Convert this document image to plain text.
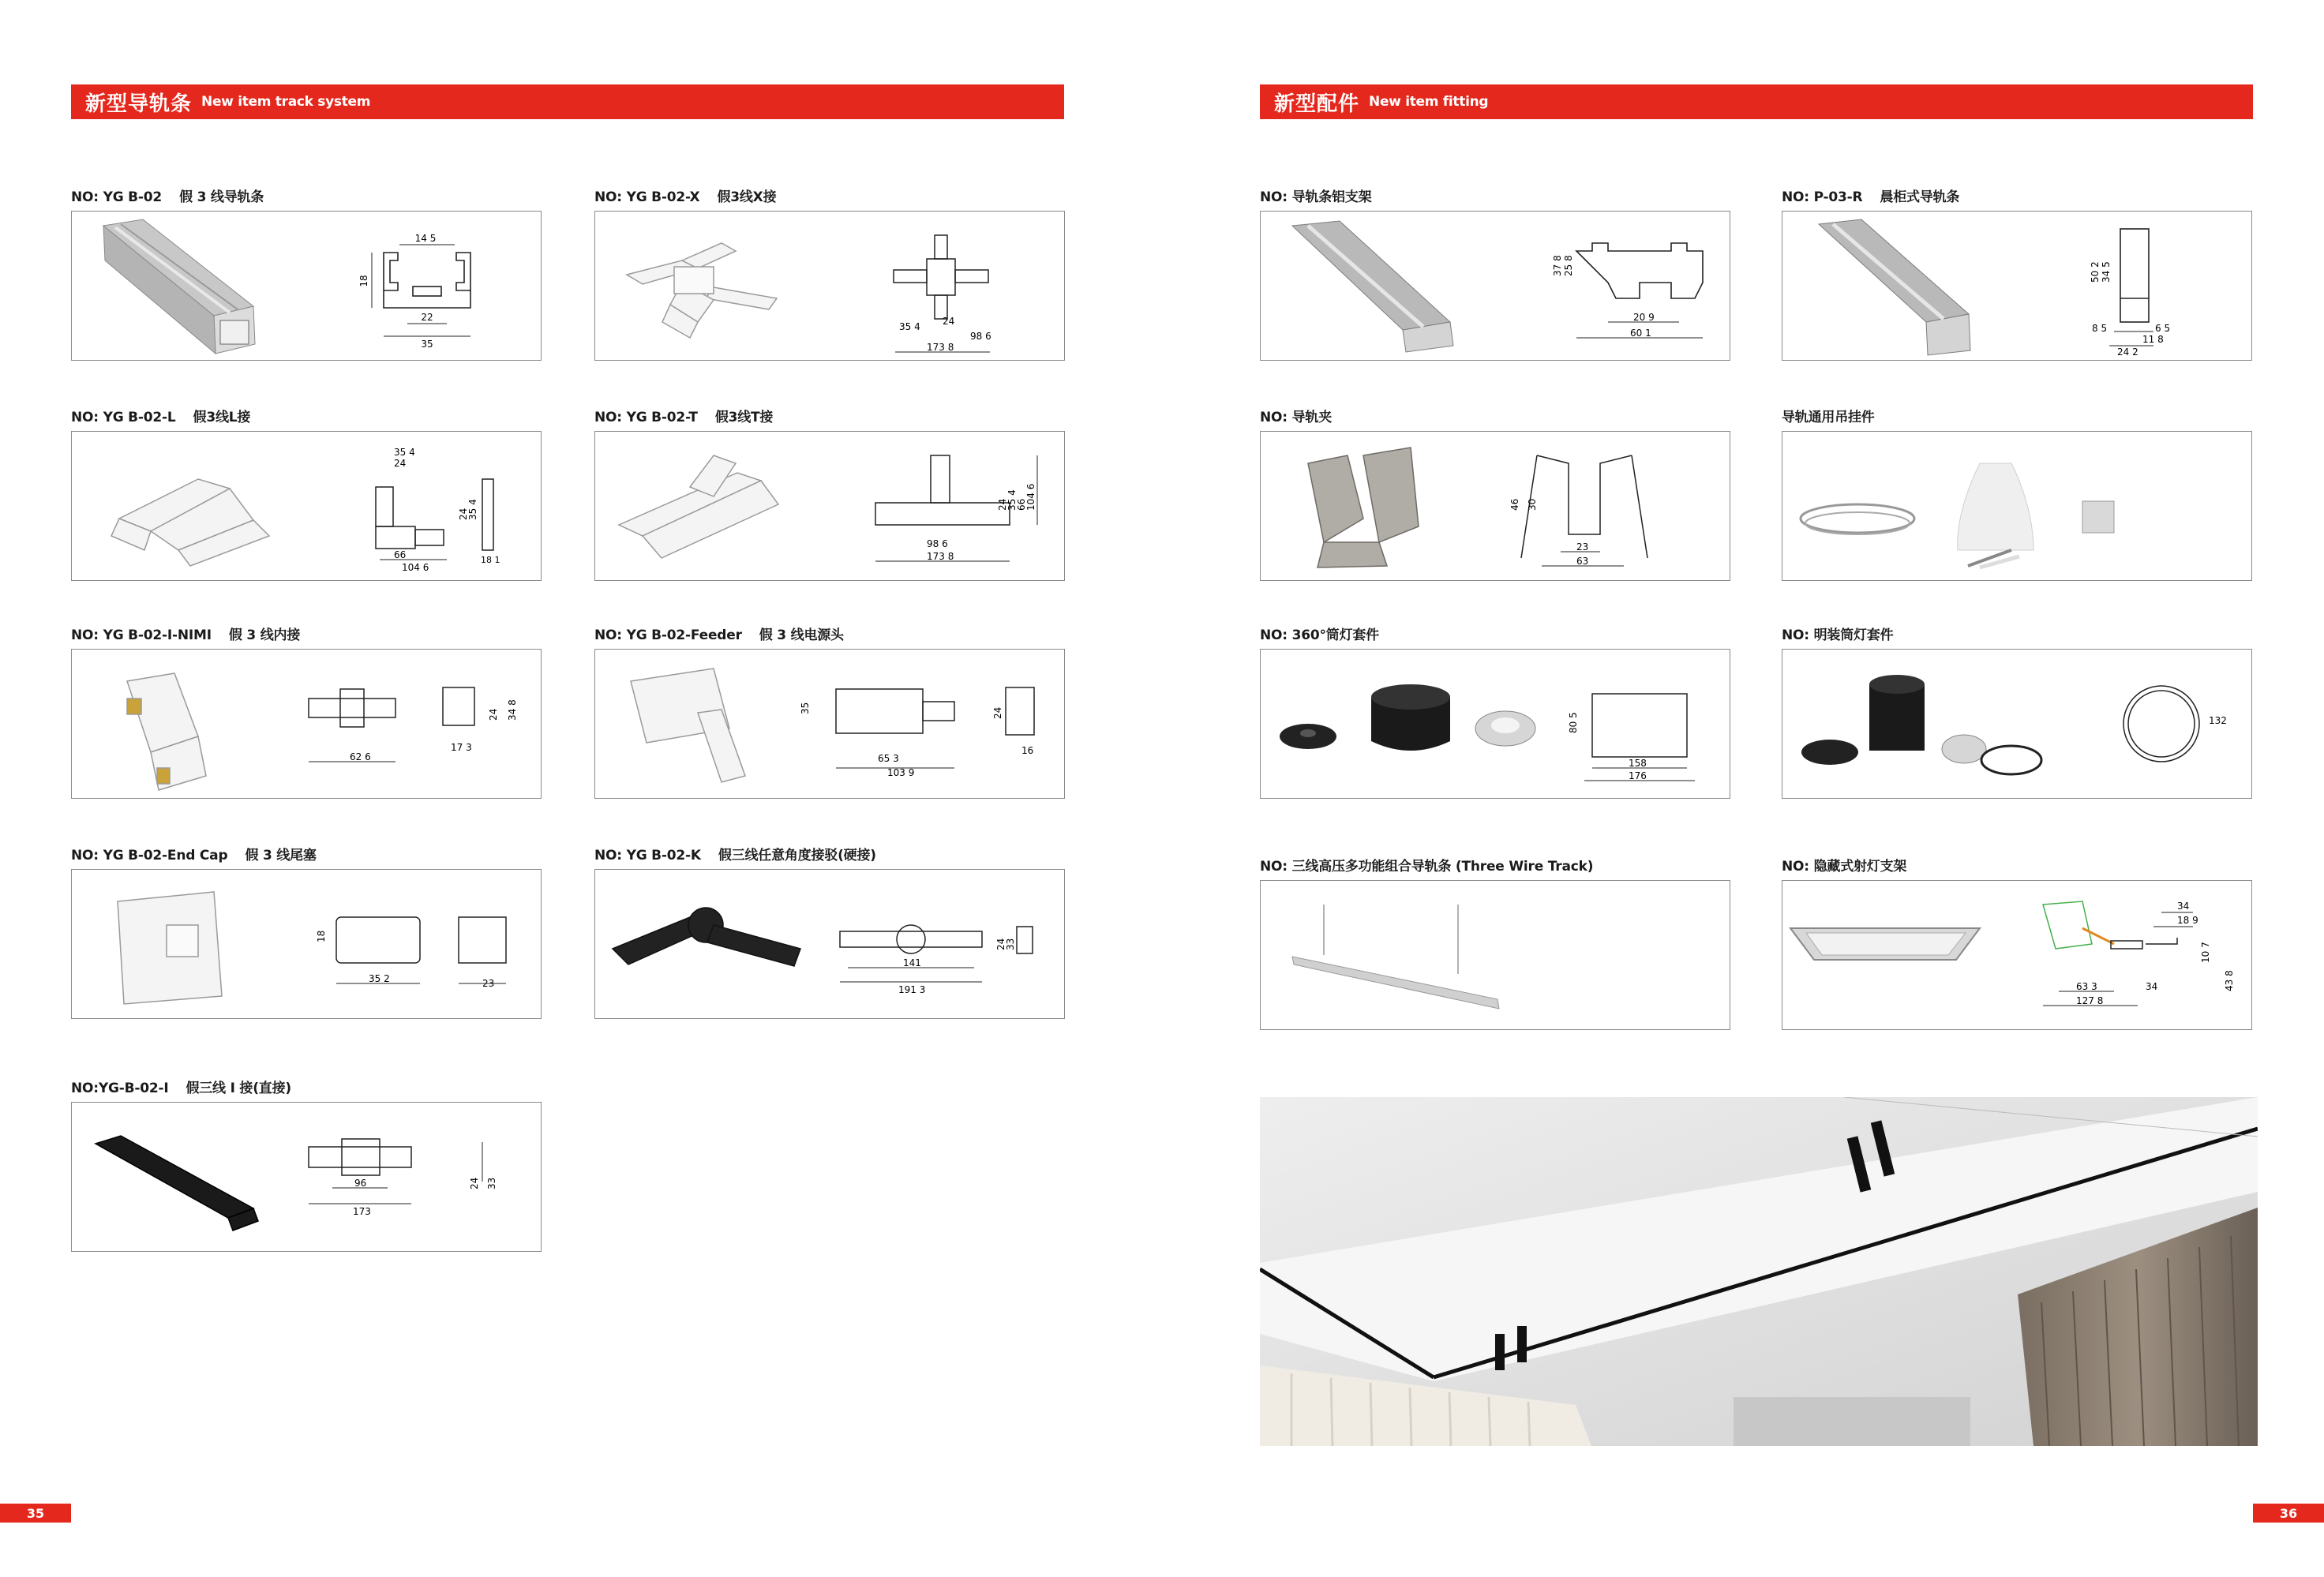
新型导轨条 New item track system	新型配件 New item fitting
NO: YG B-02 假 3 线导轨条
14 5
18
22
35
NO: YG B-02-X 假3线X接
35 4 24
98 6
173 8
NO: YG B-02-L 假3线L接
35 4
24
24
35 4
66
104 6
18 1
NO: YG B-02-T 假3线T接
24
35 4
66
104 6
98 6
173 8
NO: YG B-02-I-NIMI 假 3 线内接
24 34 8
62 6
17 3
NO: YG B-02-Feeder 假 3 线电源头
35
65 3
103 9
24
16
NO: YG B-02-End Cap 假 3 线尾塞
18
35 2	23
NO: YG B-02-K 假三线任意角度接驳(硬接)
141
191 3
24
33
NO:YG-B-02-I 假三线 I 接(直接)
96
173
24 33
NO: 导轨条铝支架
37 8 25 8
20 9
60 1
NO: P-03-R 晨柜式导轨条
50 2 34 5
8 5	6 5
11 8
24 2
NO: 导轨夹
46 30
23
63
导轨通用吊挂件
NO: 360°筒灯套件
80 5
158
176
NO: 明装筒灯套件
132
NO: 三线高压多功能组合导轨条 (Three Wire Track)	NO: 隐藏式射灯支架
34
18 9
10 7
63 3	34
127 8
43 8
35	36
